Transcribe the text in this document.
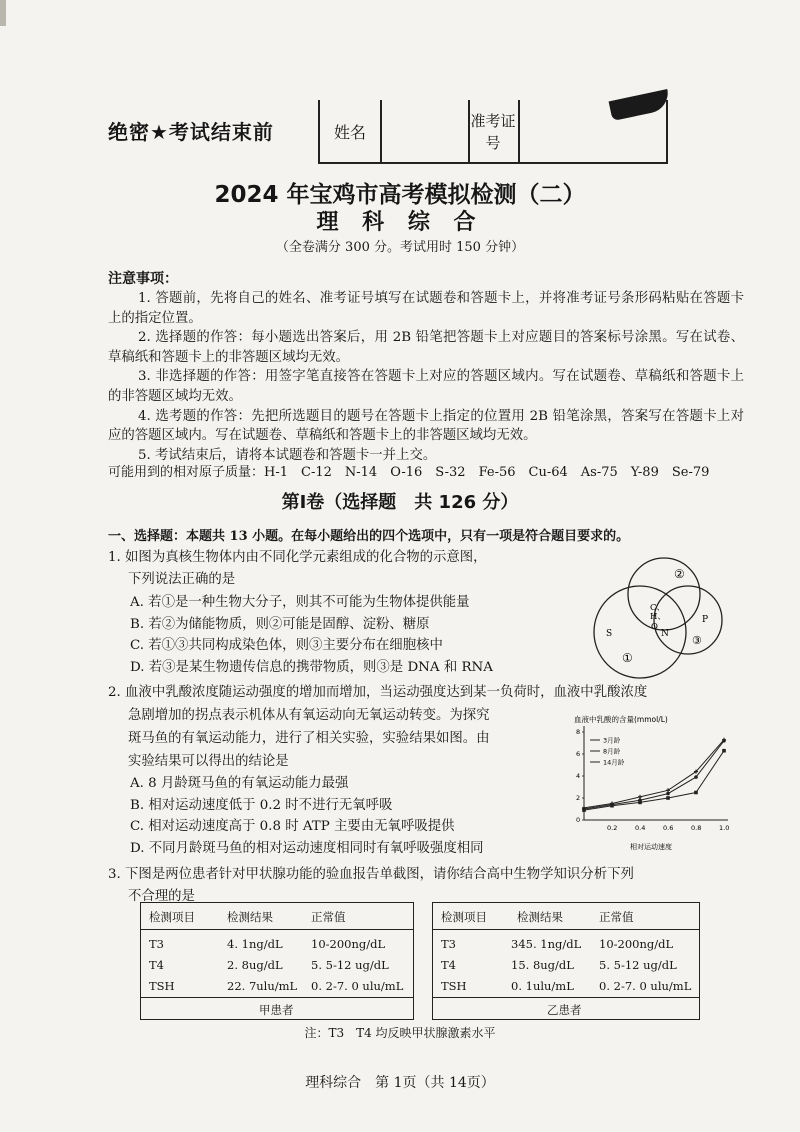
绝密★考试结束前	姓名
准考证号
2024 年宝鸡市高考模拟检测（二）
理 科 综 合
（全卷满分 300 分。考试用时 150 分钟）
注意事项：

1. 答题前，先将自己的姓名、准考证号填写在试题卷和答题卡上，并将准考证号条形码粘贴在答题卡上的指定位置。

2. 选择题的作答：每小题选出答案后，用 2B 铅笔把答题卡上对应题目的答案标号涂黑。写在试卷、草稿纸和答题卡上的非答题区域均无效。

3. 非选择题的作答：用签字笔直接答在答题卡上对应的答题区域内。写在试题卷、草稿纸和答题卡上的非答题区域均无效。

4. 选考题的作答：先把所选题目的题号在答题卡上指定的位置用 2B 铅笔涂黑，答案写在答题卡上对应的答题区域内。写在试题卷、草稿纸和答题卡上的非答题区域均无效。

5. 考试结束后，请将本试题卷和答题卡一并上交。

可能用到的相对原子质量：H-1　C-12　N-14　O-16　S-32　Fe-56　Cu-64　As-75　Y-89　Se-79
第Ⅰ卷（选择题　共 126 分）
一、选择题：本题共 13 小题。在每小题给出的四个选项中，只有一项是符合题目要求的。
1. 如图为真核生物体内由不同化学元素组成的化合物的示意图，
下列说法正确的是
A. 若①是一种生物大分子，则其不可能为生物体提供能量
B. 若②为储能物质，则②可能是固醇、淀粉、糖原
C. 若①③共同构成染色体，则③主要分布在细胞核中
D. 若③是某生物遗传信息的携带物质，则③是 DNA 和 RNA
②
①
③
C、
H、
O
S	N
P
2. 血液中乳酸浓度随运动强度的增加而增加，当运动强度达到某一负荷时，血液中乳酸浓度
急剧增加的拐点表示机体从有氧运动向无氧运动转变。为探究
斑马鱼的有氧运动能力，进行了相关实验，实验结果如图。由
实验结果可以得出的结论是
A. 8 月龄斑马鱼的有氧运动能力最强
B. 相对运动速度低于 0.2 时不进行无氧呼吸
C. 相对运动速度高于 0.8 时 ATP 主要由无氧呼吸提供
D. 不同月龄斑马鱼的相对运动速度相同时有氧呼吸强度相同
血液中乳酸的含量(mmol/L)
相对运动速度
0.2	0.4	0.6	0.8	1.0
0
2
4
6
8
3月龄
8月龄
14月龄
3. 下图是两位患者针对甲状腺功能的验血报告单截图，请你结合高中生物学知识分析下列
不合理的是
检测项目	检测结果	正常值
T3	4. 1ng/dL 10-200ng/dL
T4	2. 8ug/dL 5. 5-12 ug/dL
TSH	22. 7ulu/mL 0. 2-7. 0 ulu/mL
甲患者
检测项目	检测结果	正常值
T3	345. 1ng/dL 10-200ng/dL
T4	15. 8ug/dL 5. 5-12 ug/dL
TSH	0. 1ulu/mL 0. 2-7. 0 ulu/mL
乙患者
注：T3　T4 均反映甲状腺激素水平
理科综合　第 1页（共 14页）
